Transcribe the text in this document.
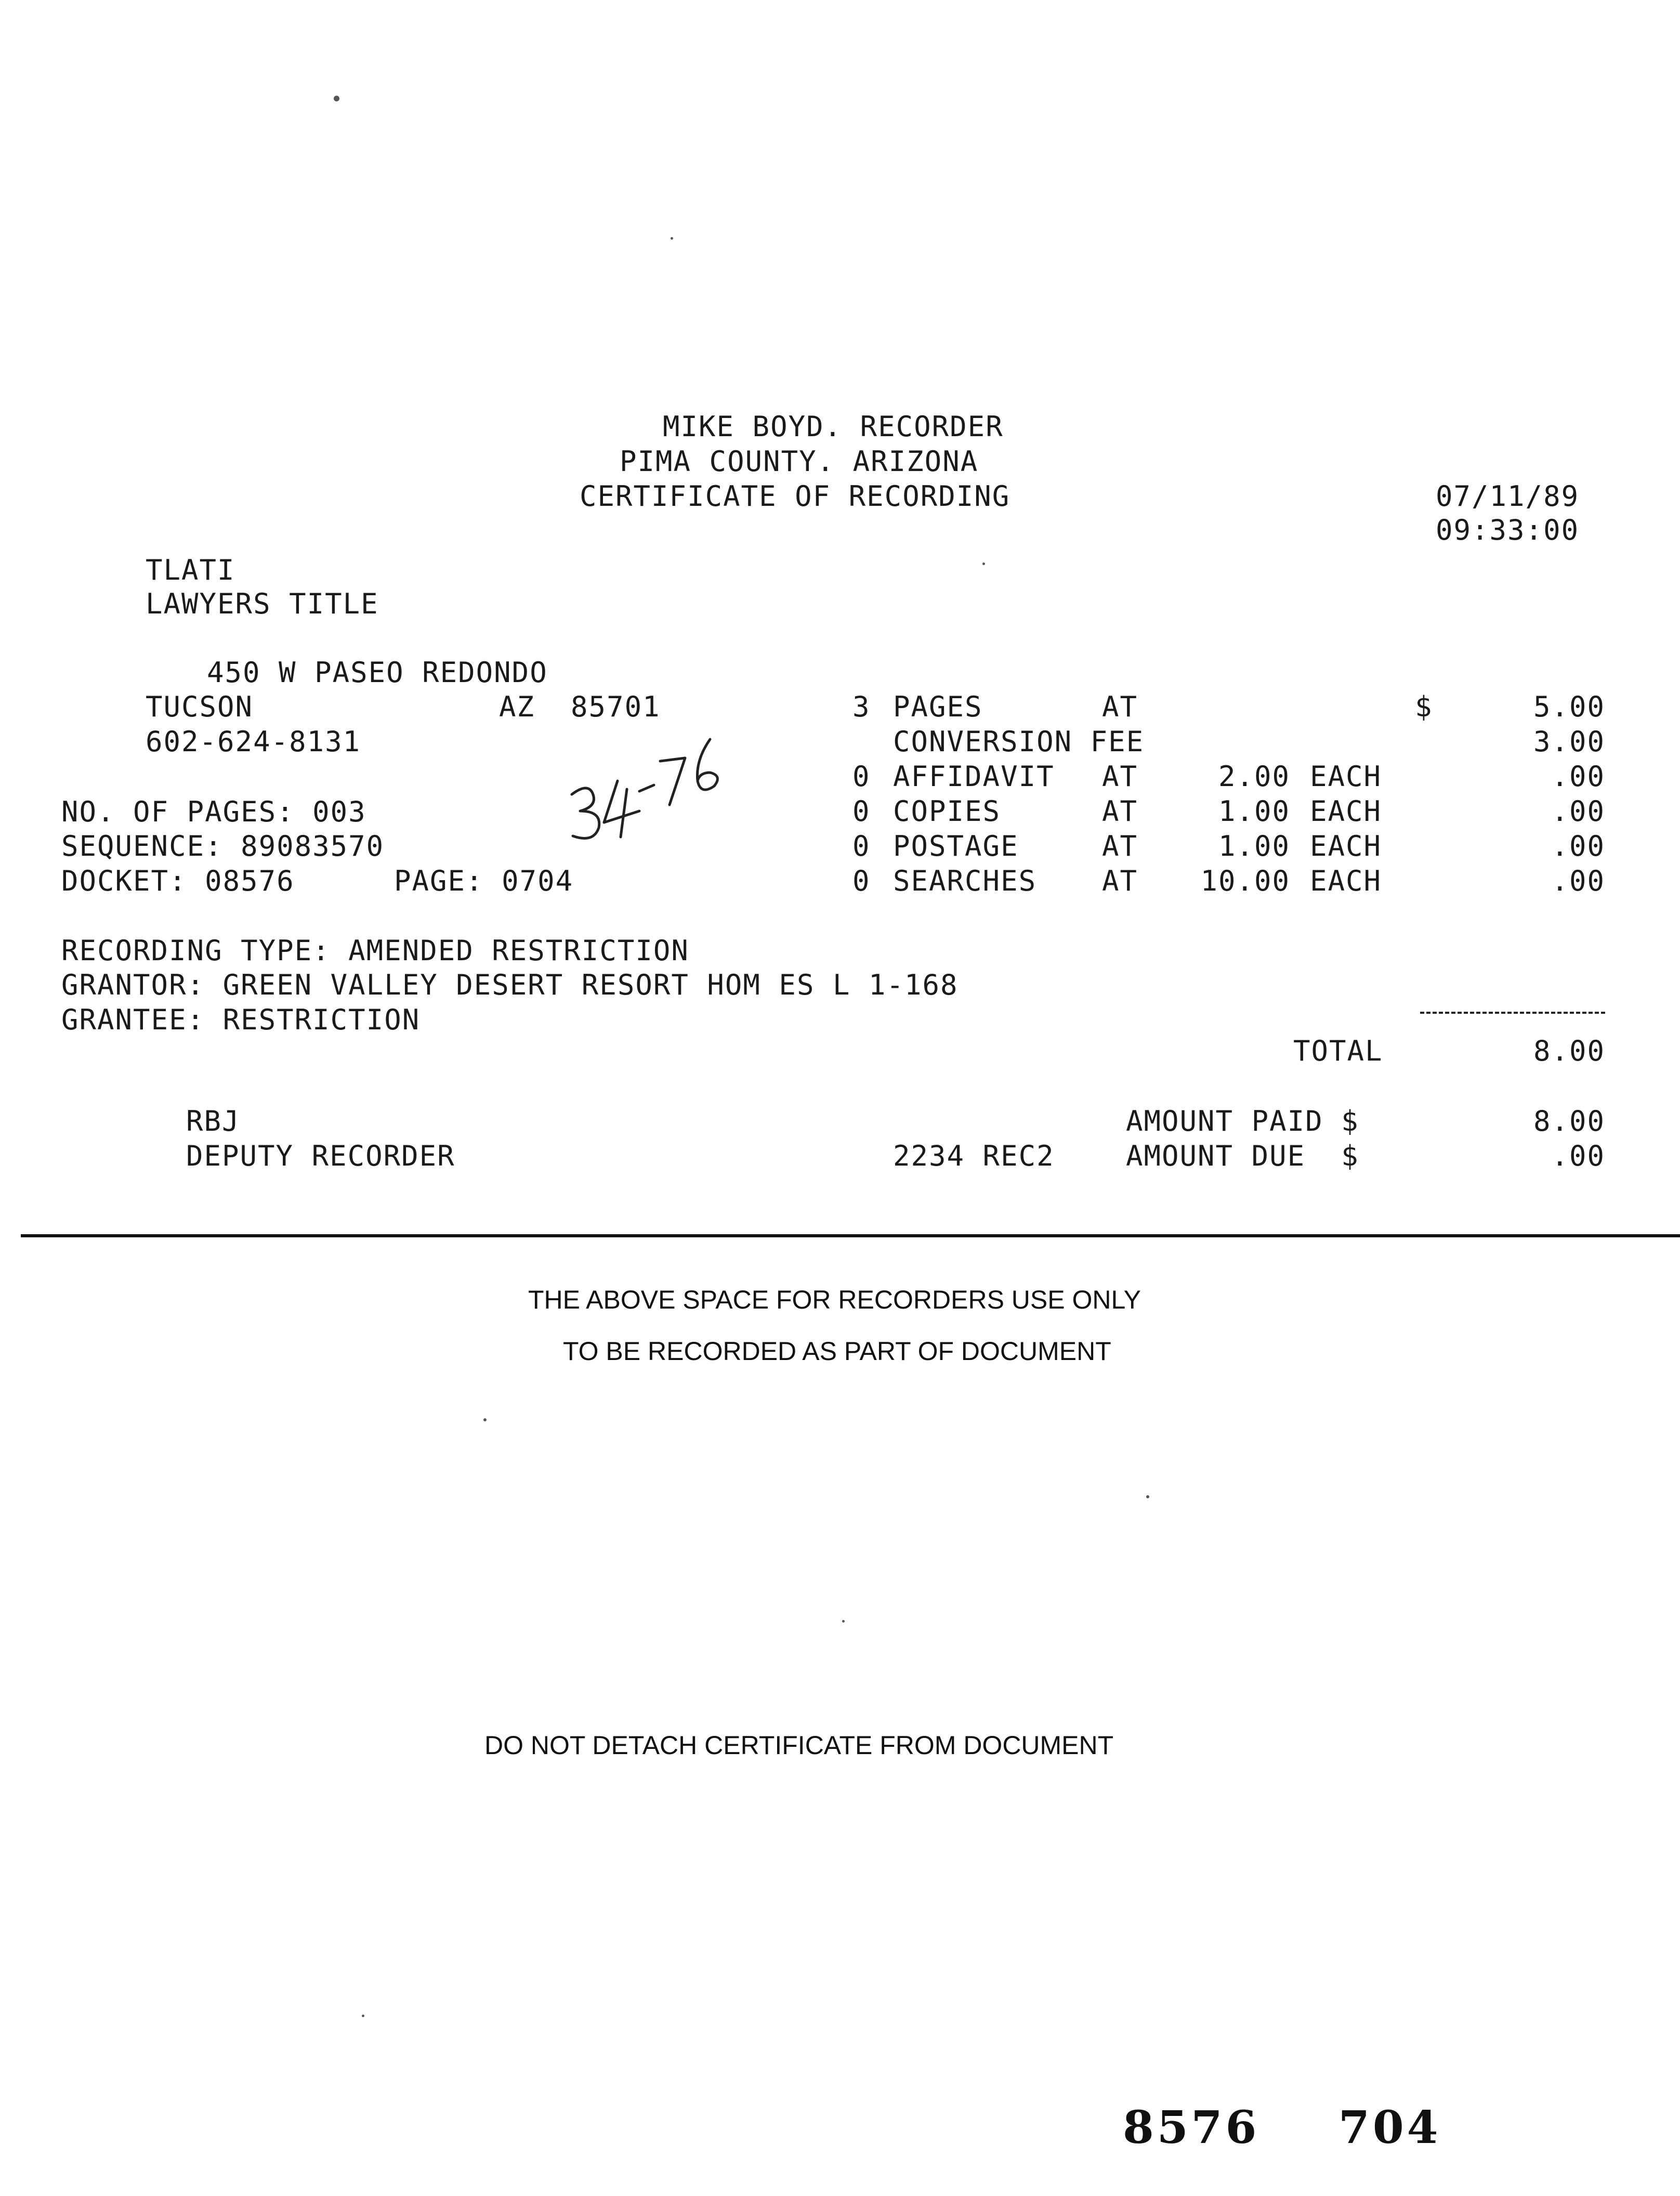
MIKE BOYD. RECORDER
PIMA COUNTY. ARIZONA
CERTIFICATE OF RECORDING	07/11/89
09:33:00
TLATI
LAWYERS TITLE
450 W PASEO REDONDO
TUCSON	AZ  85701
602-624-8131
NO. OF PAGES: 003
SEQUENCE: 89083570
DOCKET: 08576	PAGE: 0704
3 PAGES	AT	$	5.00
CONVERSION FEE	3.00
0 AFFIDAVIT AT	2.00 EACH	.00
0 COPIES	AT	1.00 EACH	.00
0 POSTAGE	AT	1.00 EACH	.00
0 SEARCHES AT 10.00 EACH	.00
RECORDING TYPE: AMENDED RESTRICTION
GRANTOR: GREEN VALLEY DESERT RESORT HOM ES L 1-168
GRANTEE: RESTRICTION
TOTAL	8.00
RBJ	AMOUNT PAID $	8.00
DEPUTY RECORDER	2234 REC2	AMOUNT DUE  $	.00
THE ABOVE SPACE FOR RECORDERS USE ONLY
TO BE RECORDED AS PART OF DOCUMENT
DO NOT DETACH CERTIFICATE FROM DOCUMENT
8576 704
